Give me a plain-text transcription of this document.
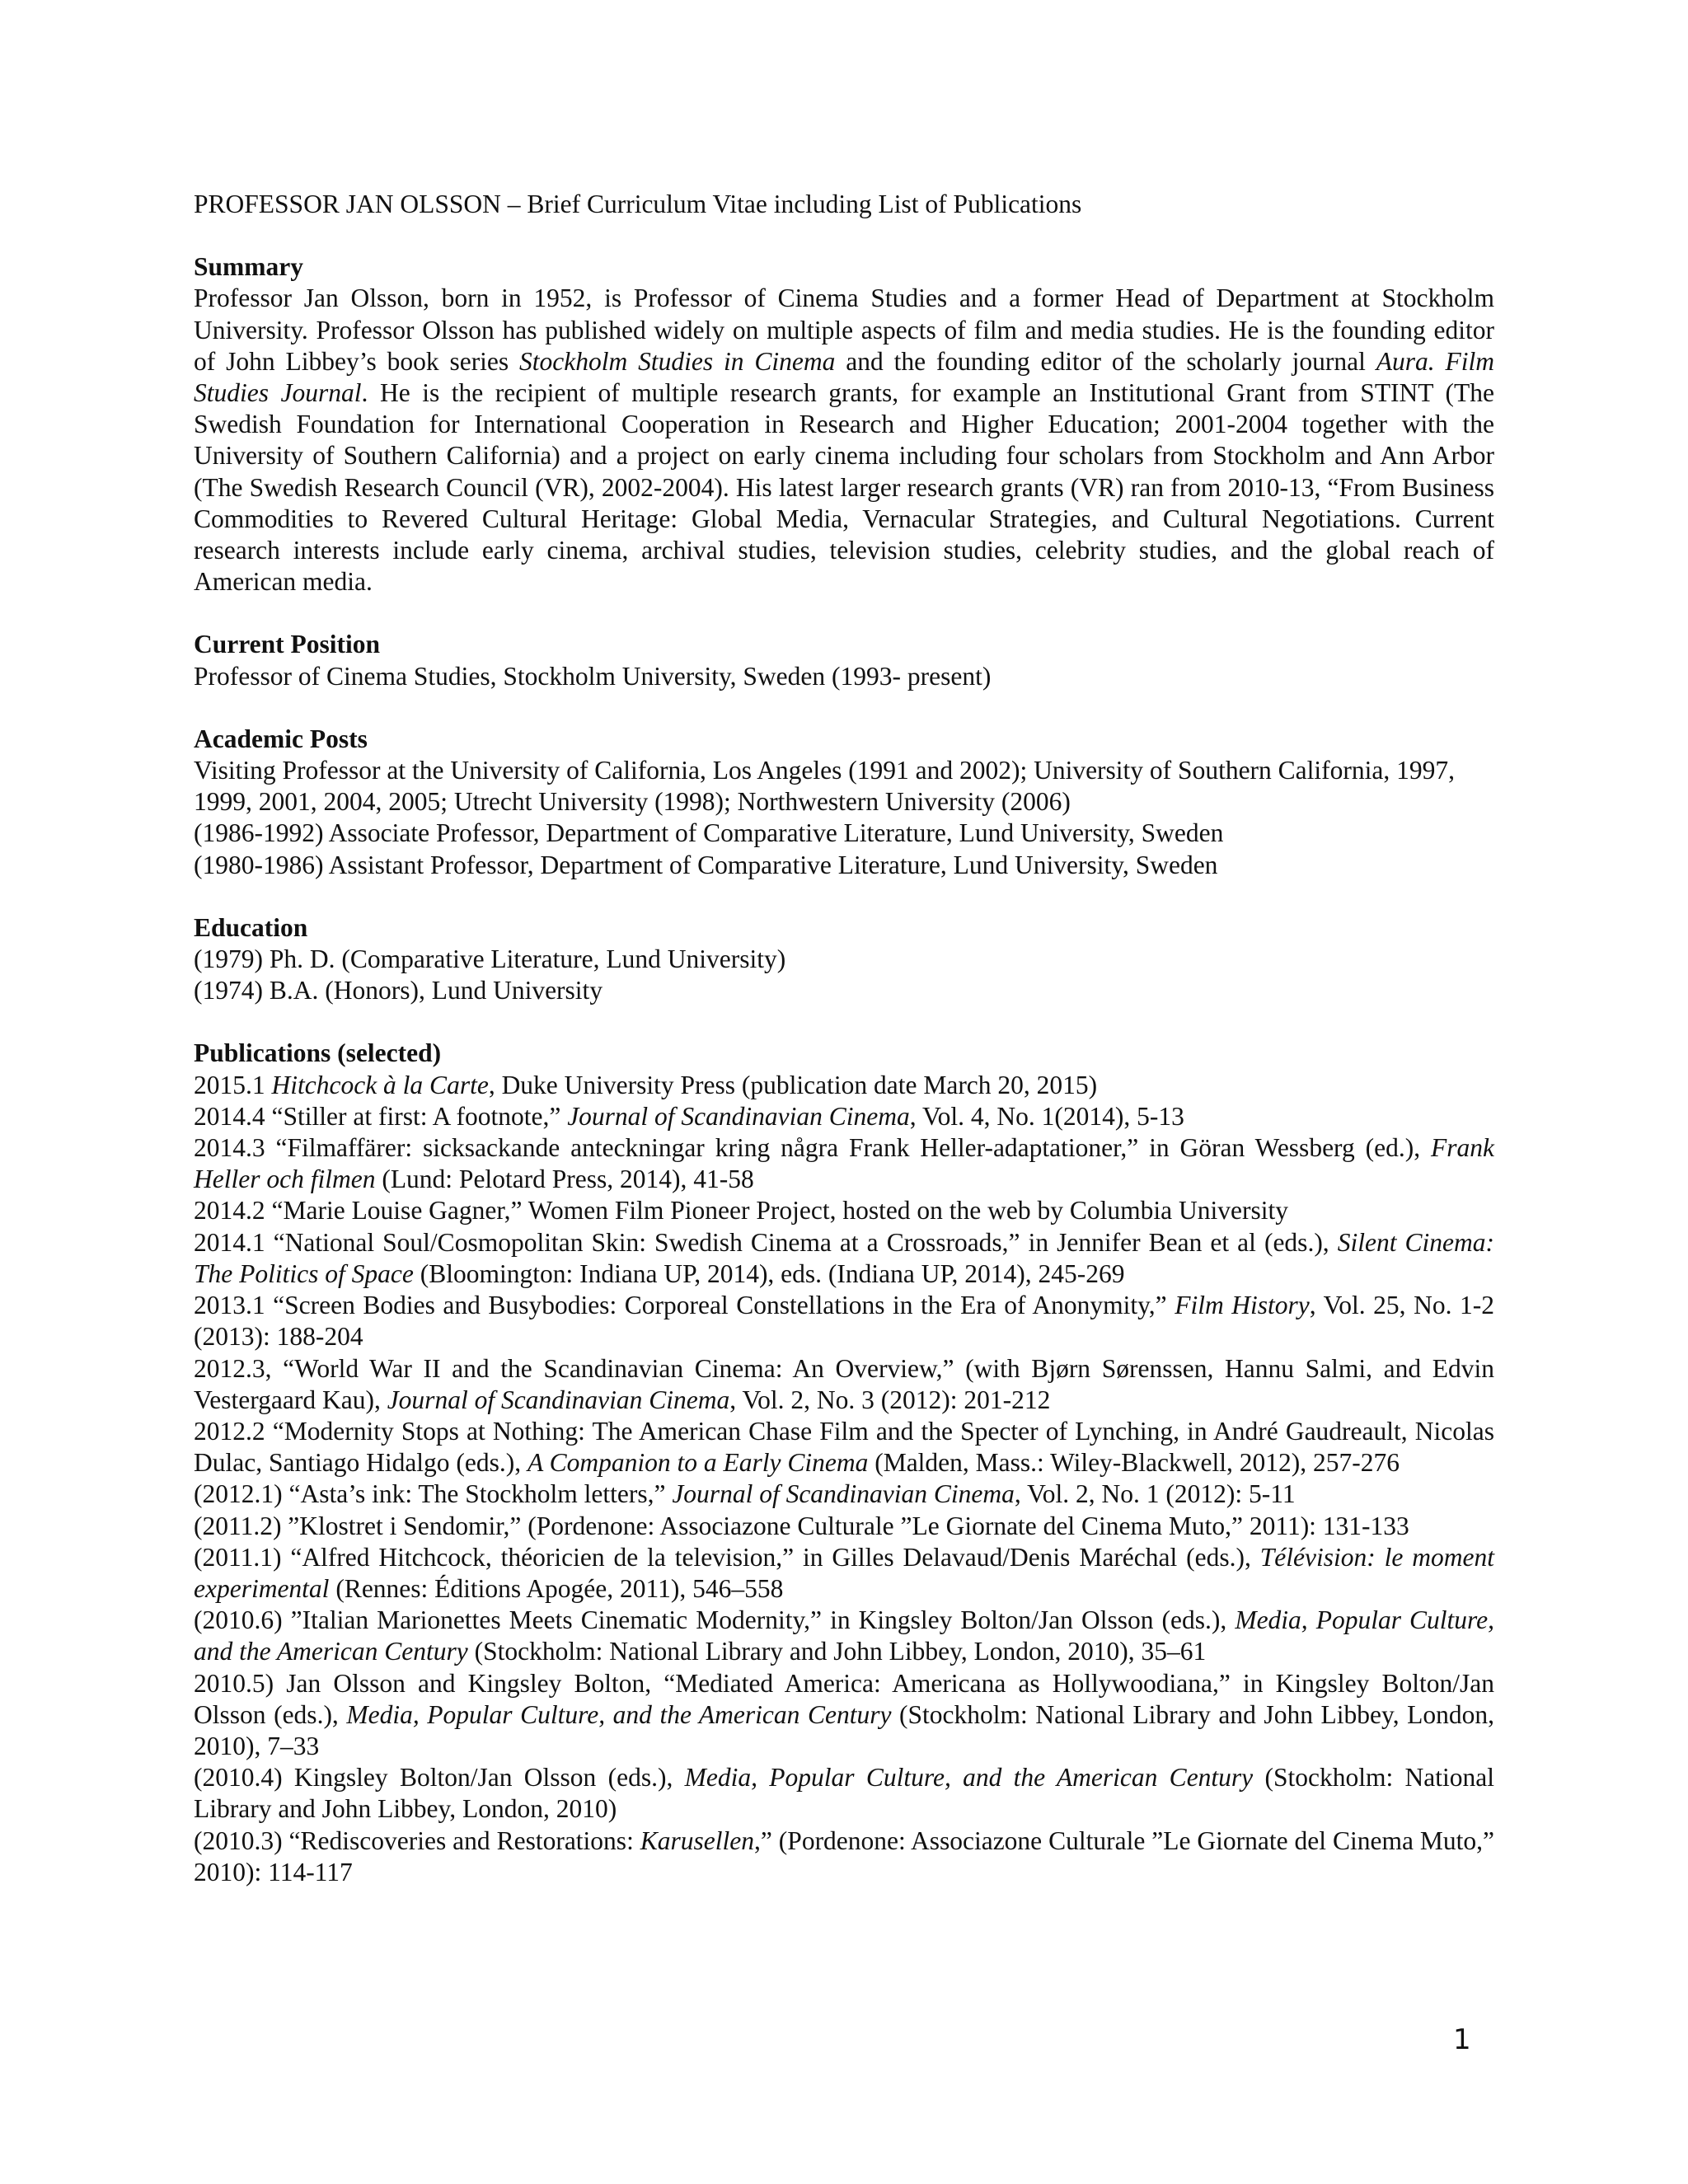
PROFESSOR JAN OLSSON – Brief Curriculum Vitae including List of Publications

Summary

Professor Jan Olsson, born in 1952, is Professor of Cinema Studies and a former Head of Department at Stockholm University. Professor Olsson has published widely on multiple aspects of film and media studies. He is the founding editor of John Libbey’s book series Stockholm Studies in Cinema and the founding editor of the scholarly journal Aura. Film Studies Journal. He is the recipient of multiple research grants, for example an Institutional Grant from STINT (The Swedish Foundation for International Cooperation in Research and Higher Education; 2001-2004 together with the University of Southern California) and a project on early cinema including four scholars from Stockholm and Ann Arbor (The Swedish Research Council (VR), 2002-2004). His latest larger research grants (VR) ran from 2010-13, “From Business Commodities to Revered Cultural Heritage: Global Media, Vernacular Strategies, and Cultural Negotiations. Current research interests include early cinema, archival studies, television studies, celebrity studies, and the global reach of American media.

Current Position

Professor of Cinema Studies, Stockholm University, Sweden (1993- present)

Academic Posts

Visiting Professor at the University of California, Los Angeles (1991 and 2002); University of Southern California, 1997, 1999, 2001, 2004, 2005; Utrecht University (1998); Northwestern University (2006)

(1986-1992) Associate Professor, Department of Comparative Literature, Lund University, Sweden

(1980-1986) Assistant Professor, Department of Comparative Literature, Lund University, Sweden

Education

(1979) Ph. D. (Comparative Literature, Lund University)

(1974) B.A. (Honors), Lund University

Publications (selected)

2015.1 Hitchcock à la Carte, Duke University Press (publication date March 20, 2015)

2014.4 “Stiller at first: A footnote,” Journal of Scandinavian Cinema, Vol. 4, No. 1(2014), 5-13

2014.3 “Filmaffärer: sicksackande anteckningar kring några Frank Heller-adaptationer,” in Göran Wessberg (ed.), Frank Heller och filmen (Lund: Pelotard Press, 2014), 41-58

2014.2 “Marie Louise Gagner,” Women Film Pioneer Project, hosted on the web by Columbia University

2014.1 “National Soul/Cosmopolitan Skin: Swedish Cinema at a Crossroads,” in Jennifer Bean et al (eds.), Silent Cinema: The Politics of Space (Bloomington: Indiana UP, 2014), eds. (Indiana UP, 2014), 245-269

2013.1 “Screen Bodies and Busybodies: Corporeal Constellations in the Era of Anonymity,” Film History, Vol. 25, No. 1-2 (2013): 188-204

2012.3, “World War II and the Scandinavian Cinema: An Overview,” (with Bjørn Sørenssen, Hannu Salmi, and Edvin Vestergaard Kau), Journal of Scandinavian Cinema, Vol. 2, No. 3 (2012): 201-212

2012.2 “Modernity Stops at Nothing: The American Chase Film and the Specter of Lynching, in André Gaudreault, Nicolas Dulac, Santiago Hidalgo (eds.), A Companion to a Early Cinema (Malden, Mass.: Wiley-Blackwell, 2012), 257-276

(2012.1) “Asta’s ink: The Stockholm letters,” Journal of Scandinavian Cinema, Vol. 2, No. 1 (2012): 5-11

(2011.2) ”Klostret i Sendomir,” (Pordenone: Associazone Culturale ”Le Giornate del Cinema Muto,” 2011): 131-133

(2011.1) “Alfred Hitchcock, théoricien de la television,” in Gilles Delavaud/Denis Maréchal (eds.), Télévision: le moment experimental (Rennes: Éditions Apogée, 2011), 546–558

(2010.6) ”Italian Marionettes Meets Cinematic Modernity,” in Kingsley Bolton/Jan Olsson (eds.), Media, Popular Culture, and the American Century (Stockholm: National Library and John Libbey, London, 2010), 35–61

2010.5) Jan Olsson and Kingsley Bolton, “Mediated America: Americana as Hollywoodiana,” in Kingsley Bolton/Jan Olsson (eds.), Media, Popular Culture, and the American Century (Stockholm: National Library and John Libbey, London, 2010), 7–33

(2010.4) Kingsley Bolton/Jan Olsson (eds.), Media, Popular Culture, and the American Century (Stockholm: National Library and John Libbey, London, 2010)

(2010.3) “Rediscoveries and Restorations: Karusellen,” (Pordenone: Associazone Culturale ”Le Giornate del Cinema Muto,” 2010): 114-117

1
